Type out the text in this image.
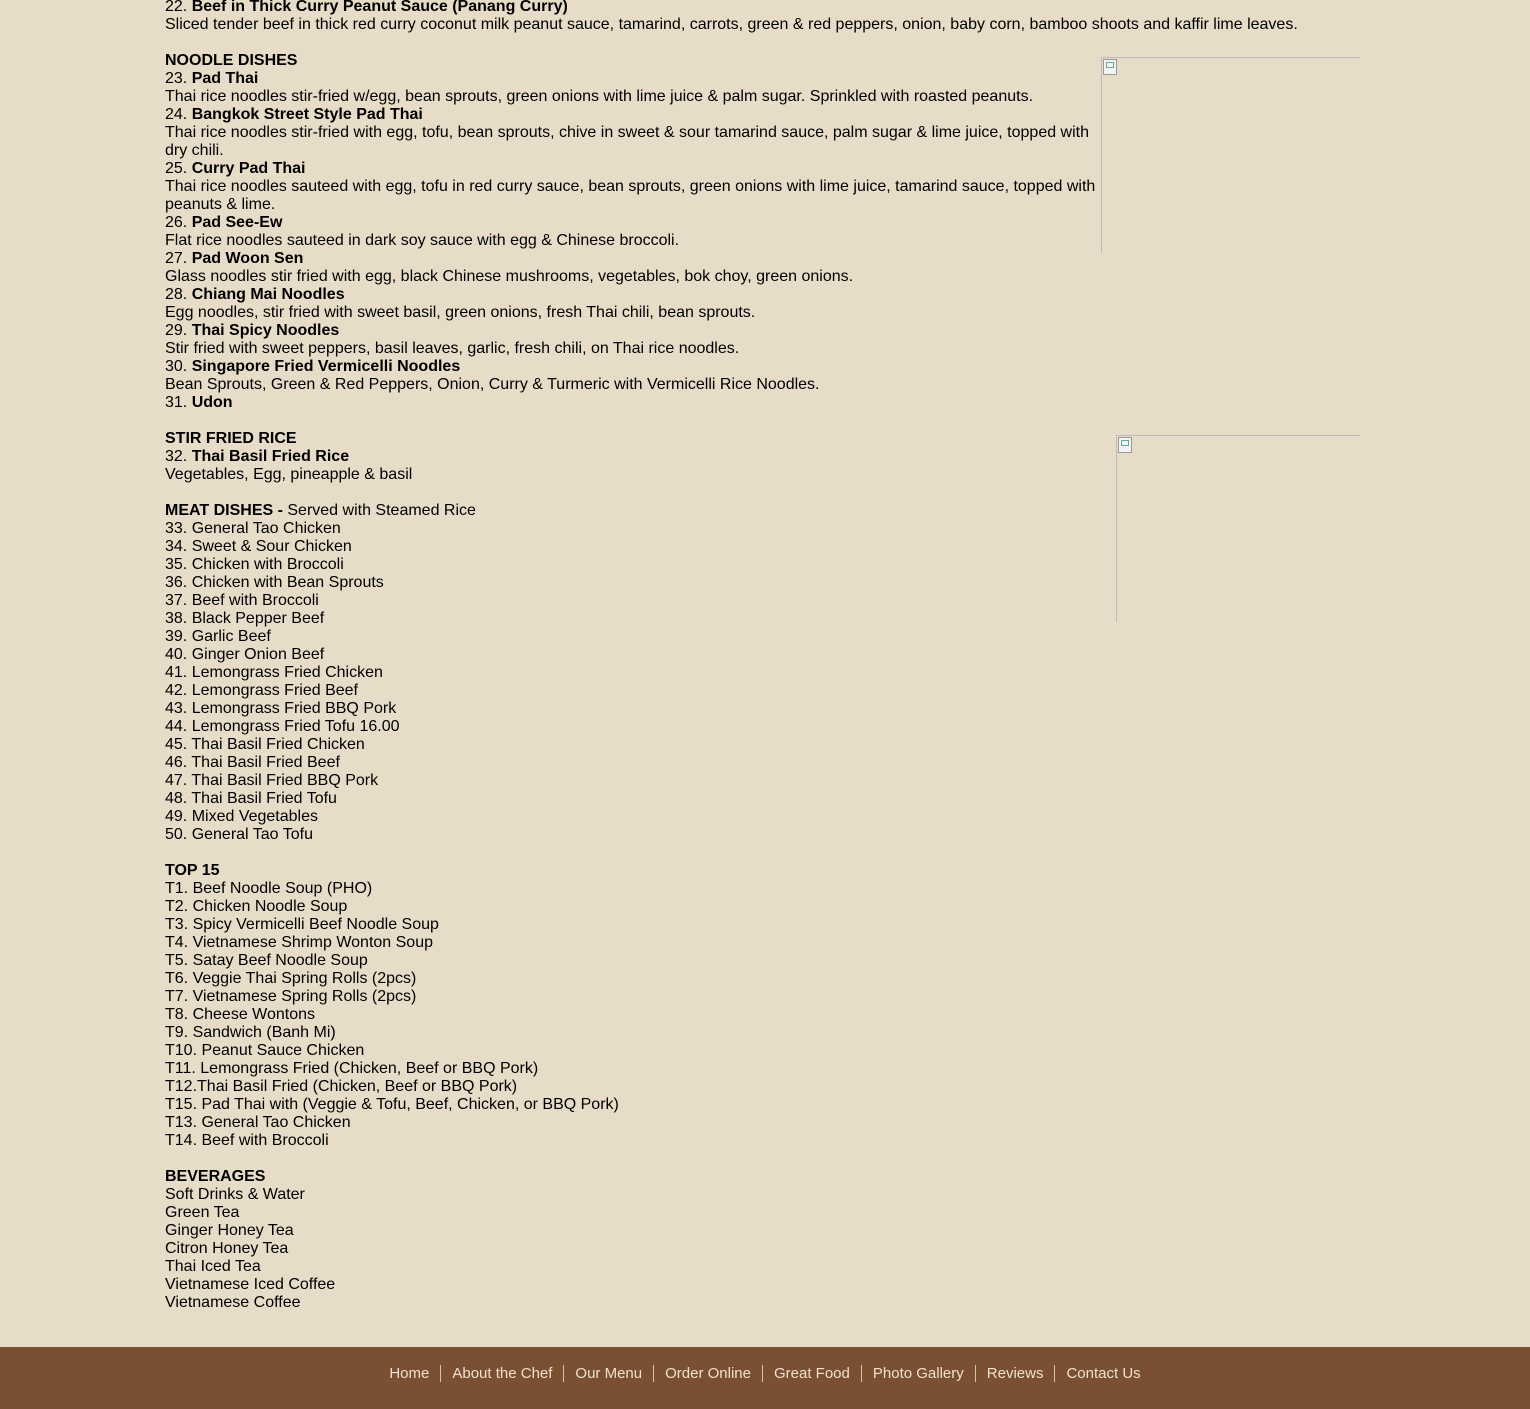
22. Beef in Thick Curry Peanut Sauce (Panang Curry)
Sliced tender beef in thick red curry coconut milk peanut sauce, tamarind, carrots, green & red peppers, onion, baby corn, bamboo shoots and kaffir lime leaves.
NOODLE DISHES
23. Pad Thai
Thai rice noodles stir-fried w/egg, bean sprouts, green onions with lime juice & palm sugar. Sprinkled with roasted peanuts.
24. Bangkok Street Style Pad Thai
Thai rice noodles stir-fried with egg, tofu, bean sprouts, chive in sweet & sour tamarind sauce, palm sugar & lime juice, topped with dry chili.
25. Curry Pad Thai
Thai rice noodles sauteed with egg, tofu in red curry sauce, bean sprouts, green onions with lime juice, tamarind sauce, topped with peanuts & lime.
26. Pad See-Ew
Flat rice noodles sauteed in dark soy sauce with egg & Chinese broccoli.
27. Pad Woon Sen
Glass noodles stir fried with egg, black Chinese mushrooms, vegetables, bok choy, green onions.
28. Chiang Mai Noodles
Egg noodles, stir fried with sweet basil, green onions, fresh Thai chili, bean sprouts.
29. Thai Spicy Noodles
Stir fried with sweet peppers, basil leaves, garlic, fresh chili, on Thai rice noodles.
30. Singapore Fried Vermicelli Noodles
Bean Sprouts, Green & Red Peppers, Onion, Curry & Turmeric with Vermicelli Rice Noodles.
31. Udon
STIR FRIED RICE
32. Thai Basil Fried Rice
Vegetables, Egg, pineapple & basil
MEAT DISHES - Served with Steamed Rice
33. General Tao Chicken
34. Sweet & Sour Chicken
35. Chicken with Broccoli
36. Chicken with Bean Sprouts
37. Beef with Broccoli
38. Black Pepper Beef
39. Garlic Beef
40. Ginger Onion Beef
41. Lemongrass Fried Chicken
42. Lemongrass Fried Beef
43. Lemongrass Fried BBQ Pork
44. Lemongrass Fried Tofu 16.00
45. Thai Basil Fried Chicken
46. Thai Basil Fried Beef
47. Thai Basil Fried BBQ Pork
48. Thai Basil Fried Tofu
49. Mixed Vegetables
50. General Tao Tofu
TOP 15
T1. Beef Noodle Soup (PHO)
T2. Chicken Noodle Soup
T3. Spicy Vermicelli Beef Noodle Soup
T4. Vietnamese Shrimp Wonton Soup
T5. Satay Beef Noodle Soup
T6. Veggie Thai Spring Rolls (2pcs)
T7. Vietnamese Spring Rolls (2pcs)
T8. Cheese Wontons
T9. Sandwich (Banh Mi)
T10. Peanut Sauce Chicken
T11. Lemongrass Fried (Chicken, Beef or BBQ Pork)
T12.Thai Basil Fried (Chicken, Beef or BBQ Pork)
T15. Pad Thai with (Veggie & Tofu, Beef, Chicken, or BBQ Pork)
T13. General Tao Chicken
T14. Beef with Broccoli
BEVERAGES
Soft Drinks & Water
Green Tea
Ginger Honey Tea
Citron Honey Tea
Thai Iced Tea
Vietnamese Iced Coffee
Vietnamese Coffee
Home About the Chef Our Menu Order Online Great Food Photo Gallery Reviews Contact Us
